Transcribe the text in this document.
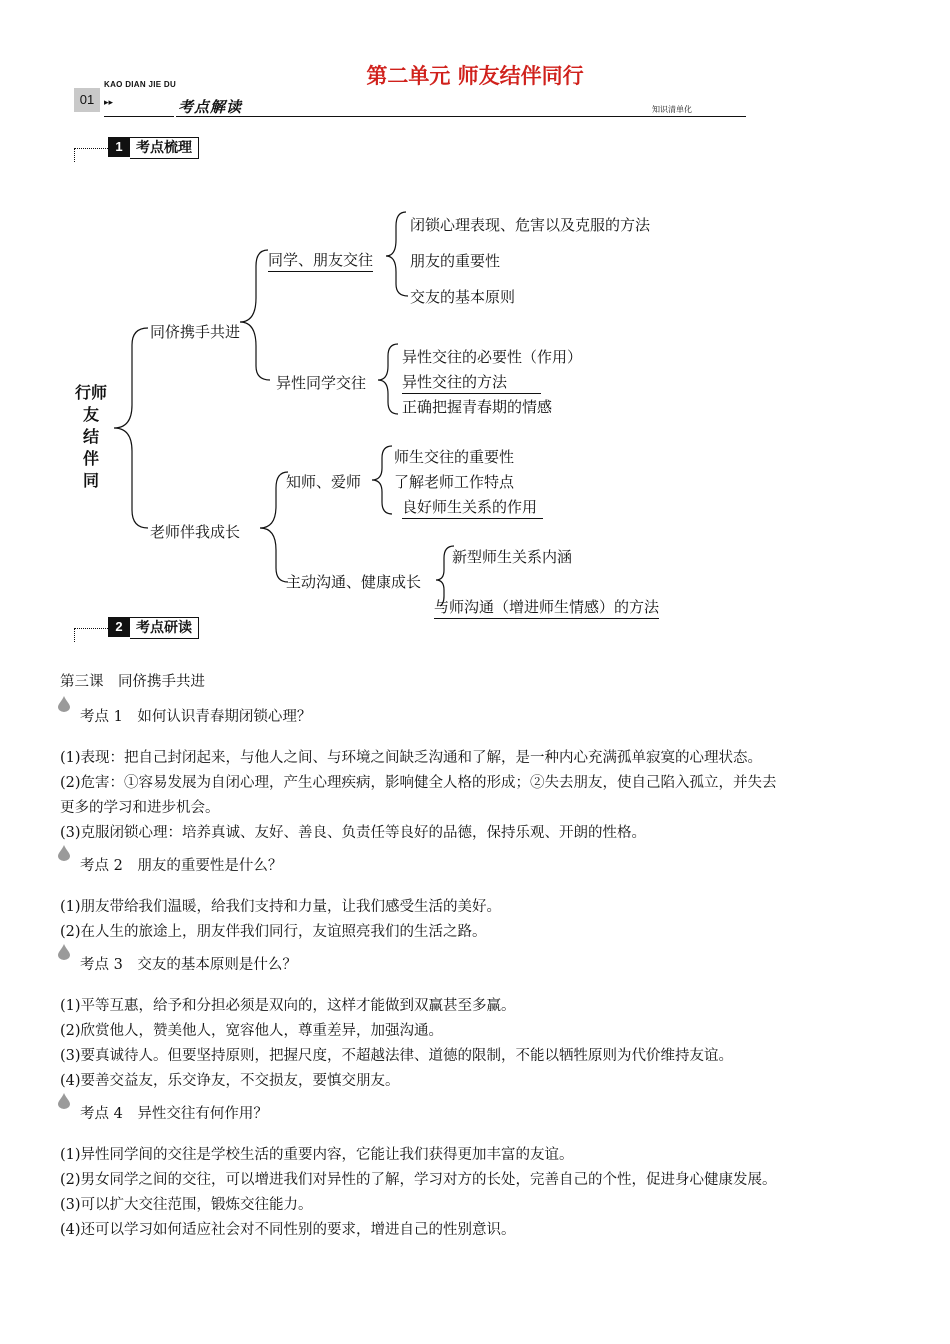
第二单元 师友结伴同行
KAO DIAN JIE DU
01	▸▸	考点解读	知识清单化
1 考点梳理
行师
友
结
伴
同
同侪携手共进
老师伴我成长
同学、朋友交往
异性同学交往
闭锁心理表现、危害以及克服的方法
朋友的重要性
交友的基本原则
异性交往的必要性（作用）
异性交往的方法
正确把握青春期的情感
知师、爱师
主动沟通、健康成长
师生交往的重要性
了解老师工作特点
良好师生关系的作用
新型师生关系内涵
与师沟通（增进师生情感）的方法
2 考点研读
第三课　同侪携手共进
考点 1　如何认识青春期闭锁心理？
(1)表现：把自己封闭起来，与他人之间、与环境之间缺乏沟通和了解，是一种内心充满孤单寂寞的心理状态。
(2)危害：①容易发展为自闭心理，产生心理疾病，影响健全人格的形成；②失去朋友，使自己陷入孤立，并失去
更多的学习和进步机会。
(3)克服闭锁心理：培养真诚、友好、善良、负责任等良好的品德，保持乐观、开朗的性格。
考点 2　朋友的重要性是什么？
(1)朋友带给我们温暖，给我们支持和力量，让我们感受生活的美好。
(2)在人生的旅途上，朋友伴我们同行，友谊照亮我们的生活之路。
考点 3　交友的基本原则是什么？
(1)平等互惠，给予和分担必须是双向的，这样才能做到双赢甚至多赢。
(2)欣赏他人，赞美他人，宽容他人，尊重差异，加强沟通。
(3)要真诚待人。但要坚持原则，把握尺度，不超越法律、道德的限制，不能以牺牲原则为代价维持友谊。
(4)要善交益友，乐交诤友，不交损友，要慎交朋友。
考点 4　异性交往有何作用？
(1)异性同学间的交往是学校生活的重要内容，它能让我们获得更加丰富的友谊。
(2)男女同学之间的交往，可以增进我们对异性的了解，学习对方的长处，完善自己的个性，促进身心健康发展。
(3)可以扩大交往范围，锻炼交往能力。
(4)还可以学习如何适应社会对不同性别的要求，增进自己的性别意识。
